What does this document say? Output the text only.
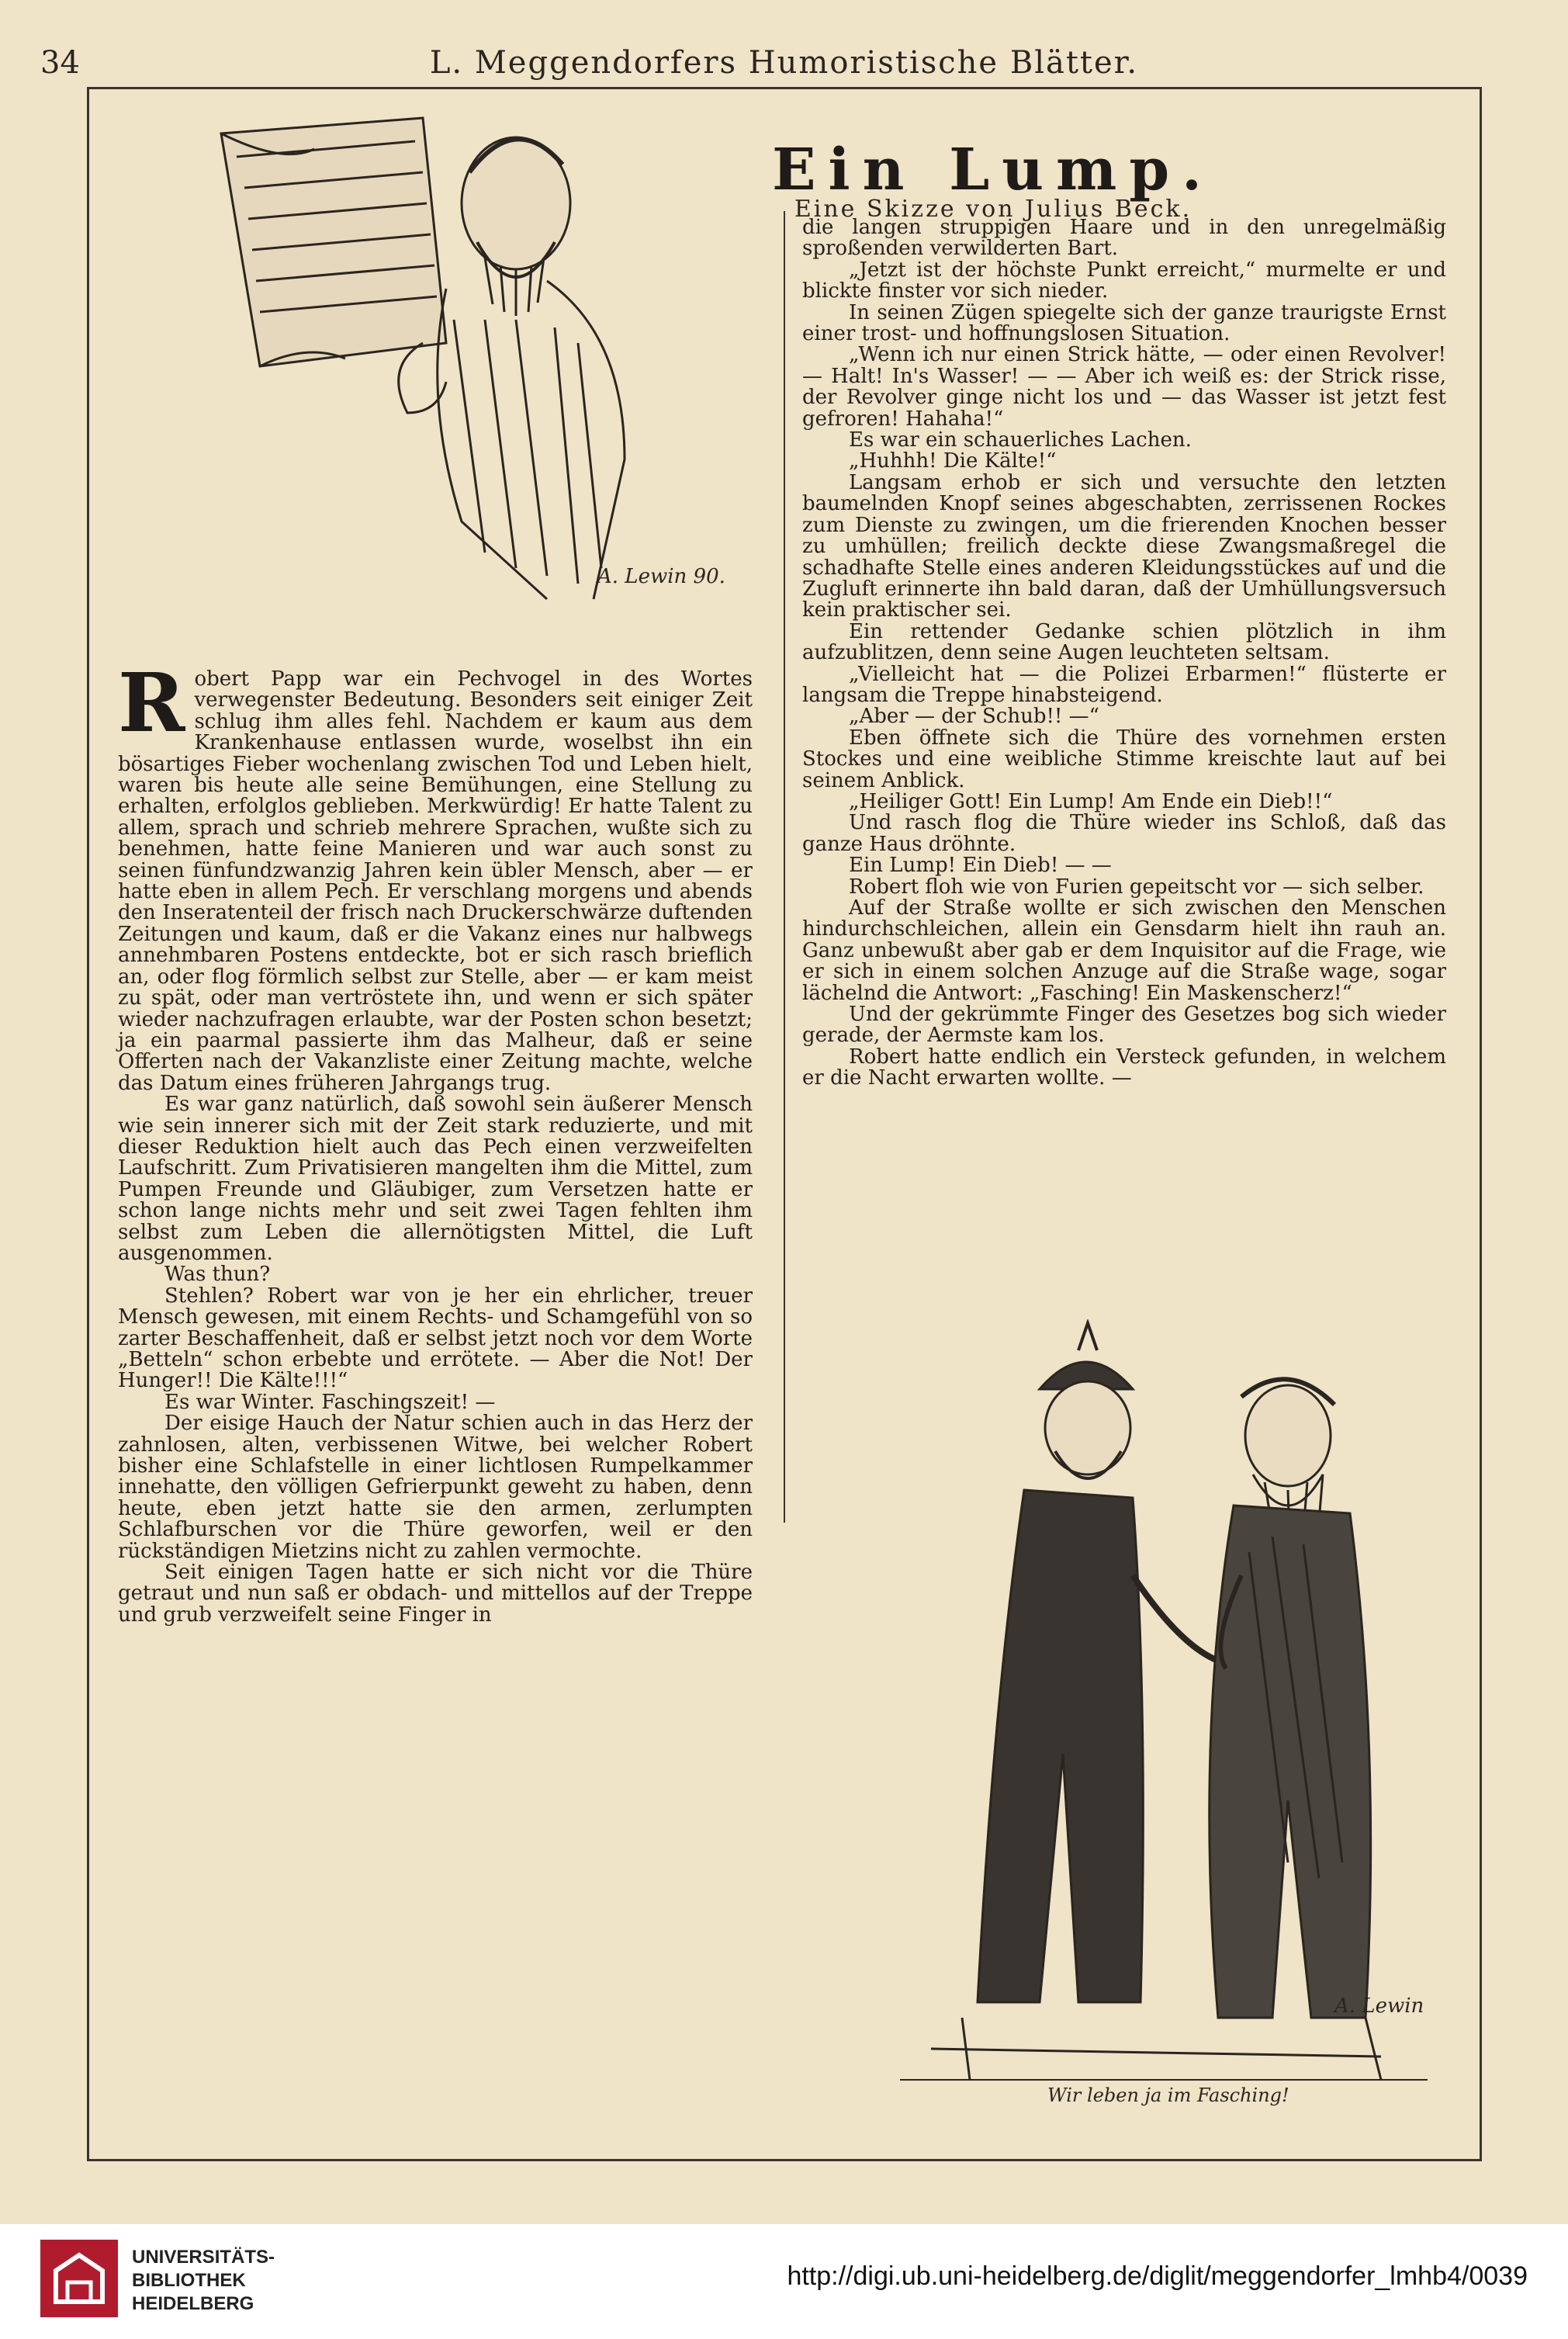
34	L. Meggendorfers Humoristische Blätter.
A. Lewin 90.
Ein Lump.
Eine Skizze von Julius Beck.

Robert Papp war ein Pechvogel in des Wortes verwegenster Bedeutung. Besonders seit einiger Zeit schlug ihm alles fehl. Nachdem er kaum aus dem Krankenhause entlassen wurde, woselbst ihn ein bösartiges Fieber wochenlang zwischen Tod und Leben hielt, waren bis heute alle seine Bemühungen, eine Stellung zu erhalten, erfolglos geblieben. Merkwürdig! Er hatte Talent zu allem, sprach und schrieb mehrere Sprachen, wußte sich zu benehmen, hatte feine Manieren und war auch sonst zu seinen fünfundzwanzig Jahren kein übler Mensch, aber — er hatte eben in allem Pech. Er verschlang morgens und abends den Inseratenteil der frisch nach Druckerschwärze duftenden Zeitungen und kaum, daß er die Vakanz eines nur halbwegs annehmbaren Postens entdeckte, bot er sich rasch brieflich an, oder flog förmlich selbst zur Stelle, aber — er kam meist zu spät, oder man vertröstete ihn, und wenn er sich später wieder nachzufragen erlaubte, war der Posten schon besetzt; ja ein paarmal passierte ihm das Malheur, daß er seine Offerten nach der Vakanzliste einer Zeitung machte, welche das Datum eines früheren Jahrgangs trug.

Es war ganz natürlich, daß sowohl sein äußerer Mensch wie sein innerer sich mit der Zeit stark reduzierte, und mit dieser Reduktion hielt auch das Pech einen verzweifelten Laufschritt. Zum Privatisieren mangelten ihm die Mittel, zum Pumpen Freunde und Gläubiger, zum Versetzen hatte er schon lange nichts mehr und seit zwei Tagen fehlten ihm selbst zum Leben die allernötigsten Mittel, die Luft ausgenommen.

Was thun?

Stehlen? Robert war von je her ein ehrlicher, treuer Mensch gewesen, mit einem Rechts- und Schamgefühl von so zarter Beschaffenheit, daß er selbst jetzt noch vor dem Worte „Betteln“ schon erbebte und errötete. — Aber die Not! Der Hunger!! Die Kälte!!!“

Es war Winter. Faschingszeit! —

Der eisige Hauch der Natur schien auch in das Herz der zahnlosen, alten, verbissenen Witwe, bei welcher Robert bisher eine Schlafstelle in einer lichtlosen Rumpelkammer innehatte, den völligen Gefrierpunkt geweht zu haben, denn heute, eben jetzt hatte sie den armen, zerlumpten Schlafburschen vor die Thüre geworfen, weil er den rückständigen Mietzins nicht zu zahlen vermochte.

Seit einigen Tagen hatte er sich nicht vor die Thüre getraut und nun saß er obdach- und mittellos auf der Treppe und grub verzweifelt seine Finger in

die langen struppigen Haare und in den unregelmäßig sproßenden verwilderten Bart.

„Jetzt ist der höchste Punkt erreicht,“ murmelte er und blickte finster vor sich nieder.

In seinen Zügen spiegelte sich der ganze traurigste Ernst einer trost- und hoffnungslosen Situation.

„Wenn ich nur einen Strick hätte, — oder einen Revolver! — Halt! In's Wasser! — — Aber ich weiß es: der Strick risse, der Revolver ginge nicht los und — das Wasser ist jetzt fest gefroren! Hahaha!“

Es war ein schauerliches Lachen.

„Huhhh! Die Kälte!“

Langsam erhob er sich und versuchte den letzten baumelnden Knopf seines abgeschabten, zerrissenen Rockes zum Dienste zu zwingen, um die frierenden Knochen besser zu umhüllen; freilich deckte diese Zwangsmaßregel die schadhafte Stelle eines anderen Kleidungsstückes auf und die Zugluft erinnerte ihn bald daran, daß der Umhüllungsversuch kein praktischer sei.

Ein rettender Gedanke schien plötzlich in ihm aufzublitzen, denn seine Augen leuchteten seltsam.

„Vielleicht hat — die Polizei Erbarmen!“ flüsterte er langsam die Treppe hinabsteigend.

„Aber — der Schub!! —“

Eben öffnete sich die Thüre des vornehmen ersten Stockes und eine weibliche Stimme kreischte laut auf bei seinem Anblick.

„Heiliger Gott! Ein Lump! Am Ende ein Dieb!!“

Und rasch flog die Thüre wieder ins Schloß, daß das ganze Haus dröhnte.

Ein Lump! Ein Dieb! — —

Robert floh wie von Furien gepeitscht vor — sich selber.

Auf der Straße wollte er sich zwischen den Menschen hindurchschleichen, allein ein Gensdarm hielt ihn rauh an. Ganz unbewußt aber gab er dem Inquisitor auf die Frage, wie er sich in einem solchen Anzuge auf die Straße wage, sogar lächelnd die Antwort: „Fasching! Ein Maskenscherz!“

Und der gekrümmte Finger des Gesetzes bog sich wieder gerade, der Aermste kam los.

Robert hatte endlich ein Versteck gefunden, in welchem er die Nacht erwarten wollte. —

A. Lewin
Wir leben ja im Fasching!
UNIVERSITÄTS-
BIBLIOTHEK
HEIDELBERG
http://digi.ub.uni-heidelberg.de/diglit/meggendorfer_lmhb4/0039
